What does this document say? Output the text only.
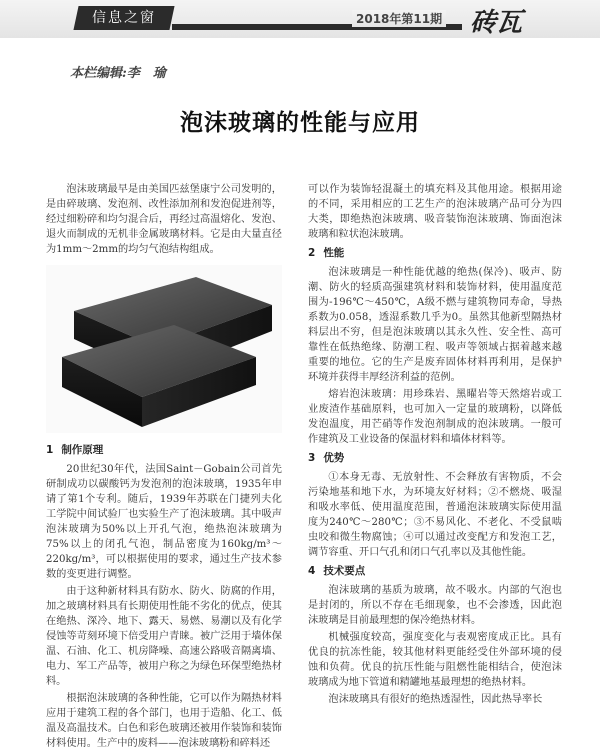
信息之窗	2018年第11期 砖瓦
本栏编辑:李　瑜
泡沫玻璃的性能与应用

泡沫玻璃最早是由美国匹兹堡康宁公司发明的，是由碎玻璃、发泡剂、改性添加剂和发泡促进剂等，经过细粉碎和均匀混合后，再经过高温熔化、发泡、退火而制成的无机非金属玻璃材料。它是由大量直径为1mm～2mm的均匀气泡结构组成。

1 制作原理

20世纪30年代，法国Saint－Gobain公司首先研制成功以碳酸钙为发泡剂的泡沫玻璃，1935年申请了第1个专利。随后，1939年苏联在门捷列夫化工学院中间试验厂也实验生产了泡沫玻璃。其中吸声泡沫玻璃为50%以上开孔气泡，绝热泡沫玻璃为75%以上的闭孔气泡，制品密度为160kg/m³～220kg/m³，可以根据使用的要求，通过生产技术参数的变更进行调整。

由于这种新材料具有防水、防火、防腐的作用，加之玻璃材料具有长期使用性能不劣化的优点，使其在绝热、深冷、地下、露天、易燃、易潮以及有化学侵蚀等苛刻环境下倍受用户青睐。被广泛用于墙体保温、石油、化工、机房降噪、高速公路吸音隔离墙、电力、军工产品等，被用户称之为绿色环保型绝热材料。

根据泡沫玻璃的各种性能，它可以作为隔热材料应用于建筑工程的各个部门，也用于造船、化工、低温及高温技术。白色和彩色玻璃还被用作装饰和装饰材料使用。生产中的废料——泡沫玻璃粉和碎料还

可以作为装饰轻混凝土的填充料及其他用途。根据用途的不同，采用相应的工艺生产的泡沫玻璃产品可分为四大类，即绝热泡沫玻璃、吸音装饰泡沫玻璃、饰面泡沫玻璃和粒状泡沫玻璃。

2 性能

泡沫玻璃是一种性能优越的绝热(保冷)、吸声、防潮、防火的轻质高强建筑材料和装饰材料，使用温度范围为-196℃～450℃，A级不燃与建筑物同寿命，导热系数为0.058，透湿系数几乎为0。虽然其他新型隔热材料层出不穷，但是泡沫玻璃以其永久性、安全性、高可靠性在低热绝缘、防潮工程、吸声等领域占据着越来越重要的地位。它的生产是废弃固体材料再利用，是保护环境并获得丰厚经济利益的范例。

熔岩泡沫玻璃：用珍珠岩、黑曜岩等天然熔岩或工业废渣作基础原料，也可加入一定量的玻璃粉，以降低发泡温度，用芒硝等作发泡剂制成的泡沫玻璃。一般可作建筑及工业设备的保温材料和墙体材料等。

3 优势

①本身无毒、无放射性、不会释放有害物质，不会污染地基和地下水，为环境友好材料；②不燃烧、吸湿和吸水率低、使用温度范围，普通泡沫玻璃实际使用温度为240℃～280℃；③不易风化、不老化、不受鼠啮虫咬和微生物腐蚀；④可以通过改变配方和发泡工艺，调节容重、开口气孔和闭口气孔率以及其他性能。

4 技术要点

泡沫玻璃的基质为玻璃，故不吸水。内部的气泡也是封闭的，所以不存在毛细现象，也不会渗透，因此泡沫玻璃是目前最理想的保冷绝热材料。

机械强度较高，强度变化与表观密度成正比。具有优良的抗冻性能，较其他材料更能经受住外部环境的侵蚀和负荷。优良的抗压性能与阻燃性能相结合，使泡沫玻璃成为地下管道和精罐地基最理想的绝热材料。

泡沫玻璃具有很好的绝热透湿性，因此热导率长
